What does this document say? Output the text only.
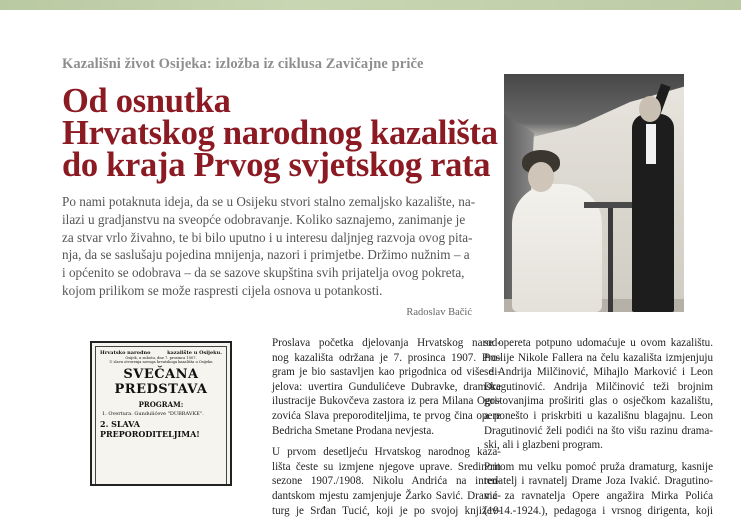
Kazališni život Osijeka: izložba iz ciklusa Zavičajne priče
Od osnutka
Hrvatskog narodnog kazališta
do kraja Prvog svjetskog rata
Po nami potaknuta ideja, da se u Osijeku stvori stalno zemaljsko kazalište, na-
ilazi u gradjanstvu na sveopće odobravanje. Koliko saznajemo, zanimanje je
za stvar vrlo živahno, te bi bilo uputno i u interesu daljnjeg razvoja ovog pita-
nja, da se saslušaju pojedina mnijenja, nazori i primjetbe. Držimo nužnim – a
i općenito se odobrava – da se sazove skupština svih prijatelja ovog pokreta,
kojom prilikom se može raspresti cijela osnova u potankosti.
Radoslav Bačić
Hrvatsko narodno	kazalište u Osijeku.
Osijek, u subotu, dne 7. prosinca 1907.
U slavu otvorenja novoga hrvatskoga kazališta u Osijeku
SVEČANA PREDSTAVA
PROGRAM:
1. Overtura. Gundulićeve "DUBRAVKE".
2. SLAVA PREPORODITELJIMA!

Proslava početka djelovanja Hrvatskog narod-
nog kazališta održana je 7. prosinca 1907. Pro-
gram je bio sastavljen kao prigodnica od više di-
jelova: uvertira Gundulićeve Dubravke, dramske
ilustracije Bukovčeva zastora iz pera Milana Ogri-
zovića Slava preporoditeljima, te prvog čina opere
Bedricha Smetane Prodana nevjesta.

U prvom desetljeću Hrvatskog narodnog kaza-
lišta česte su izmjene njegove uprave. Sredinom
sezone 1907./1908. Nikolu Andrića na inten-
dantskom mjestu zamjenjuje Žarko Savić. Drama-
turg je Srđan Tucić, koji je po svojoj književ-

se opereta potpuno udomaćuje u ovom kazalištu.
Poslije Nikole Fallera na čelu kazališta izmjenjuju
se Andrija Milčinović, Mihajlo Marković i Leon
Dragutinović. Andrija Milčinović teži brojnim
gostovanjima proširiti glas o osječkom kazalištu,
a ponešto i priskrbiti u kazališnu blagajnu. Leon
Dragutinović želi podići na što višu razinu drama-
ski, ali i glazbeni program.

Pritom mu velku pomoć pruža dramaturg, kasnije
redatelj i ravnatelj Drame Joza Ivakić. Dragutino-
vić za ravnatelja Opere angažira Mirka Polića
(1914.-1924.), pedagoga i vrsnog dirigenta, koji
